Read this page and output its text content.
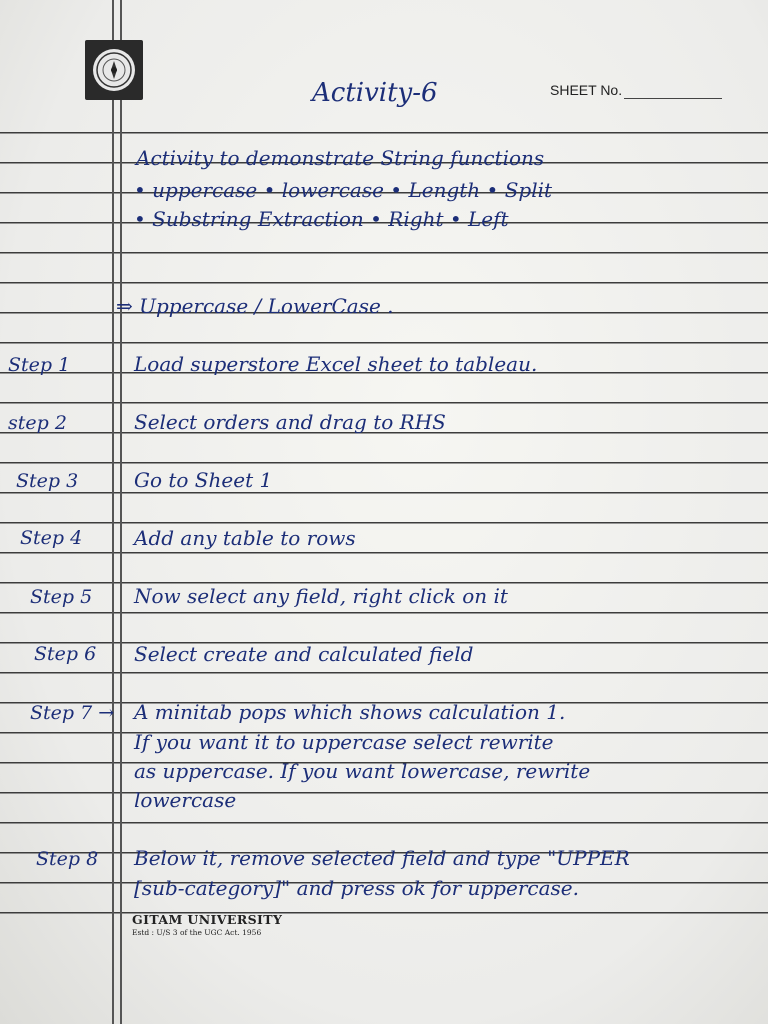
Activity-6	SHEET No.
Activity to demonstrate String functions
• uppercase • lowercase • Length • Split
• Substring Extraction • Right • Left
⇒ Uppercase / LowerCase .
Step 1	Load superstore Excel sheet to tableau.
step 2	Select orders and drag to RHS
Step 3	Go to Sheet 1
Step 4	Add any table to rows
Step 5 Now select any field, right click on it
Step 6 Select create and calculated field
Step 7 → A minitab pops which shows calculation 1.
If you want it to uppercase select rewrite
as uppercase. If you want lowercase, rewrite
lowercase
Step 8 Below it, remove selected field and type "UPPER
[sub-category]" and press ok for uppercase.
GITAM UNIVERSITY
Estd : U/S 3 of the UGC Act. 1956
